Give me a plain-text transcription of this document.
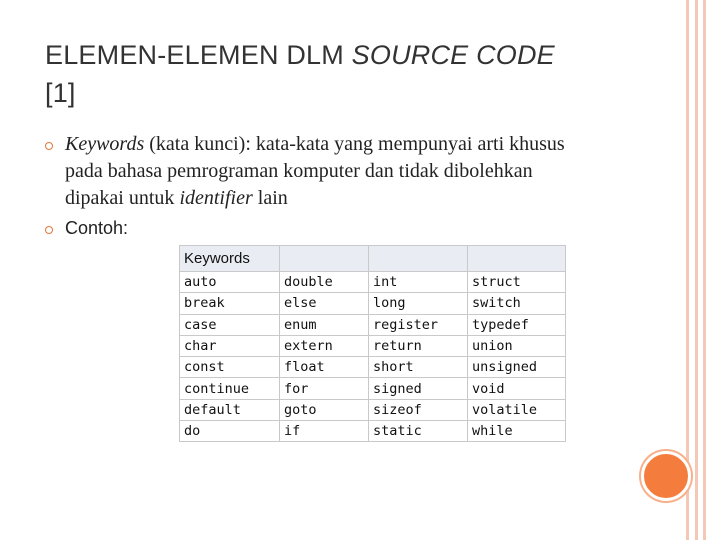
ELEMEN-ELEMEN DLM SOURCE CODE
[1]
Keywords (kata kunci): kata-kata yang mempunyai arti khusus pada bahasa pemrograman komputer dan tidak dibolehkan dipakai untuk identifier lain
Contoh:
Keywords			
auto	double	int	struct
break	else	long	switch
case	enum	register	typedef
char	extern	return	union
const	float	short	unsigned
continue	for	signed	void
default	goto	sizeof	volatile
do	if	static	while
